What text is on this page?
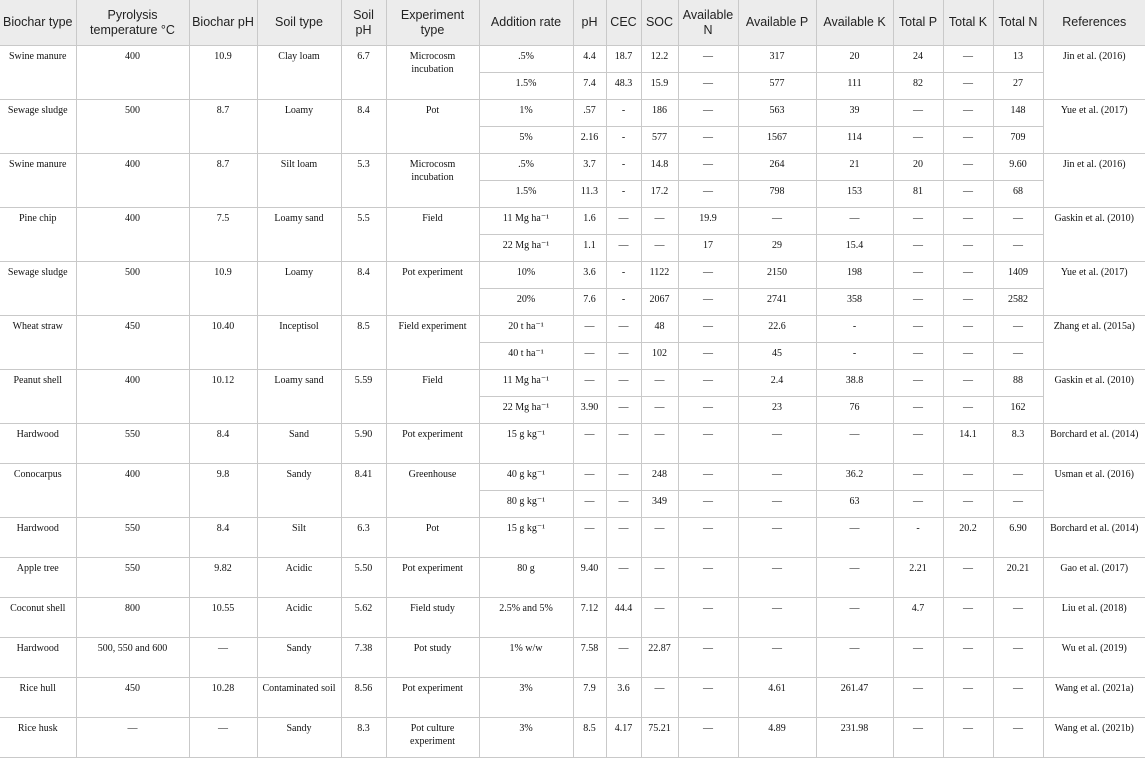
Biochar type	Pyrolysis temperature °C	Biochar pH	Soil type	Soil pH	Experiment type	Addition rate	pH	CEC	SOC	Available N	Available P	Available K	Total P	Total K	Total N	References
Swine manure	400	10.9	Clay loam	6.7	Microcosm incubation	.5%	4.4	18.7	12.2	—	317	20	24	—	13	Jin et al. (2016)
						1.5%	7.4	48.3	15.9	—	577	111	82	—	27	
Sewage sludge	500	8.7	Loamy	8.4	Pot	1%	.57	-	186	—	563	39	—	—	148	Yue et al. (2017)
						5%	2.16	-	577	—	1567	114	—	—	709	
Swine manure	400	8.7	Silt loam	5.3	Microcosm incubation	.5%	3.7	-	14.8	—	264	21	20	—	9.60	Jin et al. (2016)
						1.5%	11.3	-	17.2	—	798	153	81	—	68	
Pine chip	400	7.5	Loamy sand	5.5	Field	11 Mg ha⁻¹	1.6	—	—	19.9	—	—	—	—	—	Gaskin et al. (2010)
						22 Mg ha⁻¹	1.1	—	—	17	29	15.4	—	—	—	
Sewage sludge	500	10.9	Loamy	8.4	Pot experiment	10%	3.6	-	1122	—	2150	198	—	—	1409	Yue et al. (2017)
						20%	7.6	-	2067	—	2741	358	—	—	2582	
Wheat straw	450	10.40	Inceptisol	8.5	Field experiment	20 t ha⁻¹	—	—	48	—	22.6	-	—	—	—	Zhang et al. (2015a)
						40 t ha⁻¹	—	—	102	—	45	-	—	—	—	
Peanut shell	400	10.12	Loamy sand	5.59	Field	11 Mg ha⁻¹	—	—	—	—	2.4	38.8	—	—	88	Gaskin et al. (2010)
						22 Mg ha⁻¹	3.90	—	—	—	23	76	—	—	162	
Hardwood	550	8.4	Sand	5.90	Pot experiment	15 g kg⁻¹	—	—	—	—	—	—	—	14.1	8.3	Borchard et al. (2014)
Conocarpus	400	9.8	Sandy	8.41	Greenhouse	40 g kg⁻¹	—	—	248	—	—	36.2	—	—	—	Usman et al. (2016)
						80 g kg⁻¹	—	—	349	—	—	63	—	—	—	
Hardwood	550	8.4	Silt	6.3	Pot	15 g kg⁻¹	—	—	—	—	—	—	-	20.2	6.90	Borchard et al. (2014)
Apple tree	550	9.82	Acidic	5.50	Pot experiment	80 g	9.40	—	—	—	—	—	2.21	—	20.21	Gao et al. (2017)
Coconut shell	800	10.55	Acidic	5.62	Field study	2.5% and 5%	7.12	44.4	—	—	—	—	4.7	—	—	Liu et al. (2018)
Hardwood	500, 550 and 600	—	Sandy	7.38	Pot study	1% w/w	7.58	—	22.87	—	—	—	—	—	—	Wu et al. (2019)
Rice hull	450	10.28	Contaminated soil	8.56	Pot experiment	3%	7.9	3.6	—	—	4.61	261.47	—	—	—	Wang et al. (2021a)
Rice husk	—	—	Sandy	8.3	Pot culture experiment	3%	8.5	4.17	75.21	—	4.89	231.98	—	—	—	Wang et al. (2021b)
